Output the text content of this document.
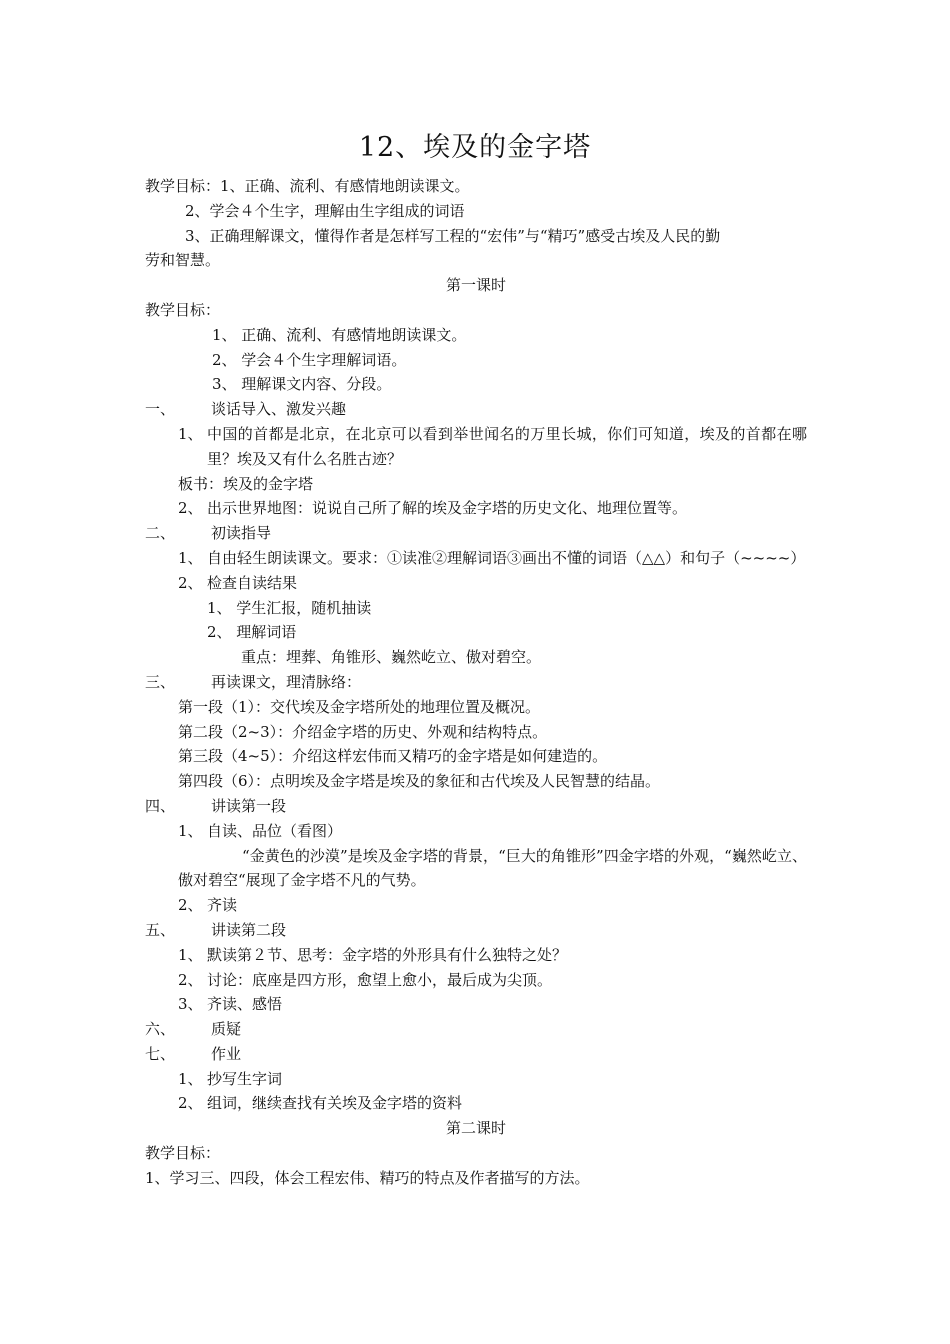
12、埃及的金字塔

教学目标：1、正确、流利、有感情地朗读课文。

2、学会４个生字，理解由生字组成的词语

3、正确理解课文，懂得作者是怎样写工程的“宏伟”与“精巧”感受古埃及人民的勤

劳和智慧。

第一课时

教学目标：

1、 正确、流利、有感情地朗读课文。

2、 学会４个生字理解词语。

3、 理解课文内容、分段。

一、 谈话导入、激发兴趣

1、 中国的首都是北京，在北京可以看到举世闻名的万里长城，你们可知道，埃及的首都在哪里？埃及又有什么名胜古迹？

板书：埃及的金字塔

2、 出示世界地图：说说自己所了解的埃及金字塔的历史文化、地理位置等。

二、 初读指导

1、 自由轻生朗读课文。要求：①读准②理解词语③画出不懂的词语（△△）和句子（~~~~）
2、 检查自读结果

1、 学生汇报，随机抽读

2、 理解词语

重点：埋葬、角锥形、巍然屹立、傲对碧空。

三、 再读课文，理清脉络：

第一段（1）：交代埃及金字塔所处的地理位置及概况。

第二段（2~3）：介绍金字塔的历史、外观和结构特点。

第三段（4~5）：介绍这样宏伟而又精巧的金字塔是如何建造的。

第四段（6）：点明埃及金字塔是埃及的象征和古代埃及人民智慧的结晶。

四、 讲读第一段

1、 自读、品位（看图）

“金黄色的沙漠”是埃及金字塔的背景，“巨大的角锥形”四金字塔的外观，“巍然屹立、傲对碧空“展现了金字塔不凡的气势。

2、 齐读

五、 讲读第二段

1、 默读第２节、思考：金字塔的外形具有什么独特之处？
2、 讨论：底座是四方形，愈望上愈小，最后成为尖顶。
3、 齐读、感悟

六、 质疑

七、 作业

1、 抄写生字词
2、 组词，继续查找有关埃及金字塔的资料

第二课时

教学目标：

1、学习三、四段，体会工程宏伟、精巧的特点及作者描写的方法。
